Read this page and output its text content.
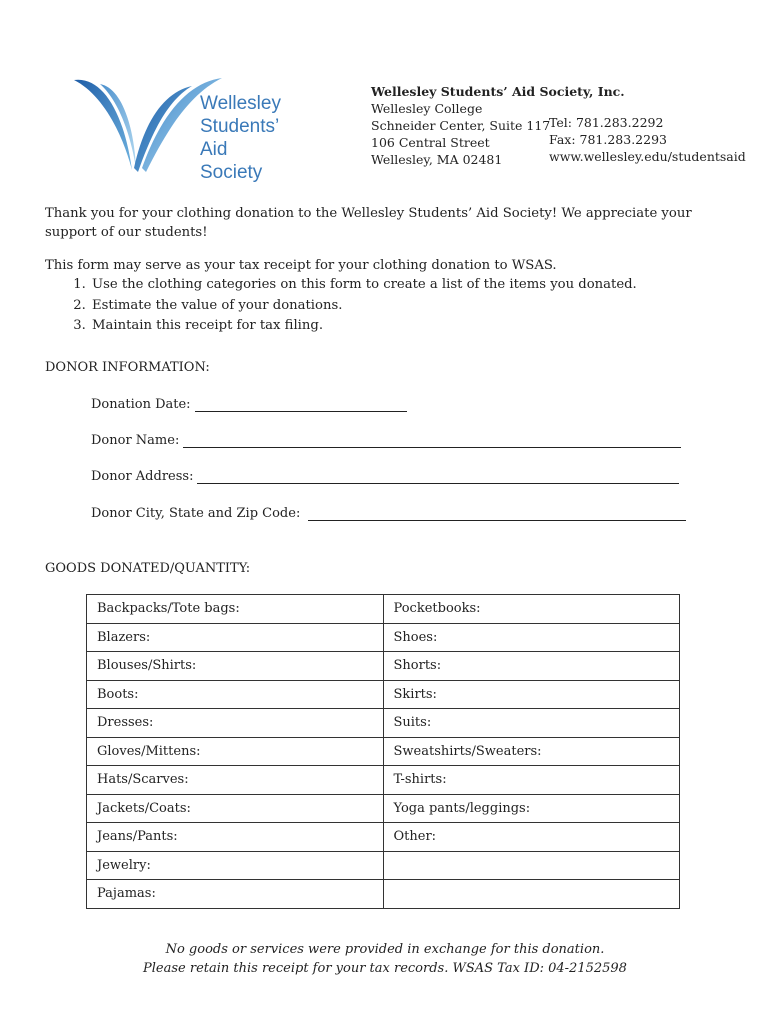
Wellesley
Students’
Aid
Society
Wellesley Students’ Aid Society, Inc.
Wellesley College
Schneider Center, Suite 117
106 Central Street
Wellesley, MA 02481
Tel: 781.283.2292
Fax: 781.283.2293
www.wellesley.edu/studentsaid

Thank you for your clothing donation to the Wellesley Students’ Aid Society! We appreciate your support of our students!

This form may serve as your tax receipt for your clothing donation to WSAS.
1. Use the clothing categories on this form to create a list of the items you donated.
2. Estimate the value of your donations.
3. Maintain this receipt for tax filing.
DONOR INFORMATION:
Donation Date:
Donor Name:
Donor Address:
Donor City, State and Zip Code:
GOODS DONATED/QUANTITY:
Backpacks/Tote bags:	Pocketbooks:
Blazers:	Shoes:
Blouses/Shirts:	Shorts:
Boots:	Skirts:
Dresses:	Suits:
Gloves/Mittens:	Sweatshirts/Sweaters:
Hats/Scarves:	T-shirts:
Jackets/Coats:	Yoga pants/leggings:
Jeans/Pants:	Other:
Jewelry:	
Pajamas:	
No goods or services were provided in exchange for this donation.
Please retain this receipt for your tax records. WSAS Tax ID: 04-2152598
